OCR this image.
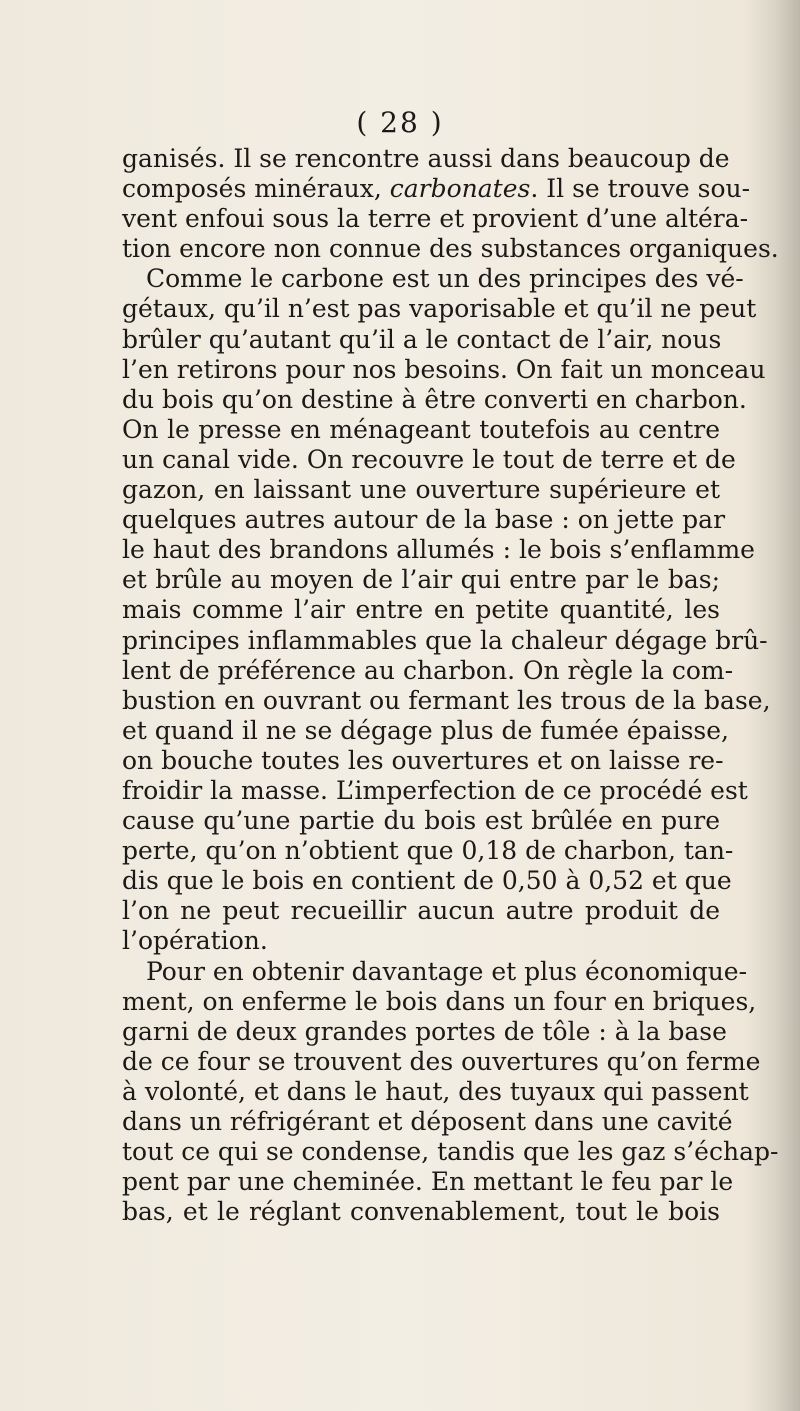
( 28 )
ganisés. Il se rencontre aussi dans beaucoup de
composés minéraux, carbonates. Il se trouve sou-
vent enfoui sous la terre et provient d’une altéra-
tion encore non connue des substances organiques.
Comme le carbone est un des principes des vé-
gétaux, qu’il n’est pas vaporisable et qu’il ne peut
brûler qu’autant qu’il a le contact de l’air, nous
l’en retirons pour nos besoins. On fait un monceau
du bois qu’on destine à être converti en charbon.
On le presse en ménageant toutefois au centre
un canal vide. On recouvre le tout de terre et de
gazon, en laissant une ouverture supérieure et
quelques autres autour de la base : on jette par
le haut des brandons allumés : le bois s’enflamme
et brûle au moyen de l’air qui entre par le bas;
mais comme l’air entre en petite quantité, les
principes inflammables que la chaleur dégage brû-
lent de préférence au charbon. On règle la com-
bustion en ouvrant ou fermant les trous de la base,
et quand il ne se dégage plus de fumée épaisse,
on bouche toutes les ouvertures et on laisse re-
froidir la masse. L’imperfection de ce procédé est
cause qu’une partie du bois est brûlée en pure
perte, qu’on n’obtient que 0,18 de charbon, tan-
dis que le bois en contient de 0,50 à 0,52 et que
l’on ne peut recueillir aucun autre produit de
l’opération.
Pour en obtenir davantage et plus économique-
ment, on enferme le bois dans un four en briques,
garni de deux grandes portes de tôle : à la base
de ce four se trouvent des ouvertures qu’on ferme
à volonté, et dans le haut, des tuyaux qui passent
dans un réfrigérant et déposent dans une cavité
tout ce qui se condense, tandis que les gaz s’échap-
pent par une cheminée. En mettant le feu par le
bas, et le réglant convenablement, tout le bois
